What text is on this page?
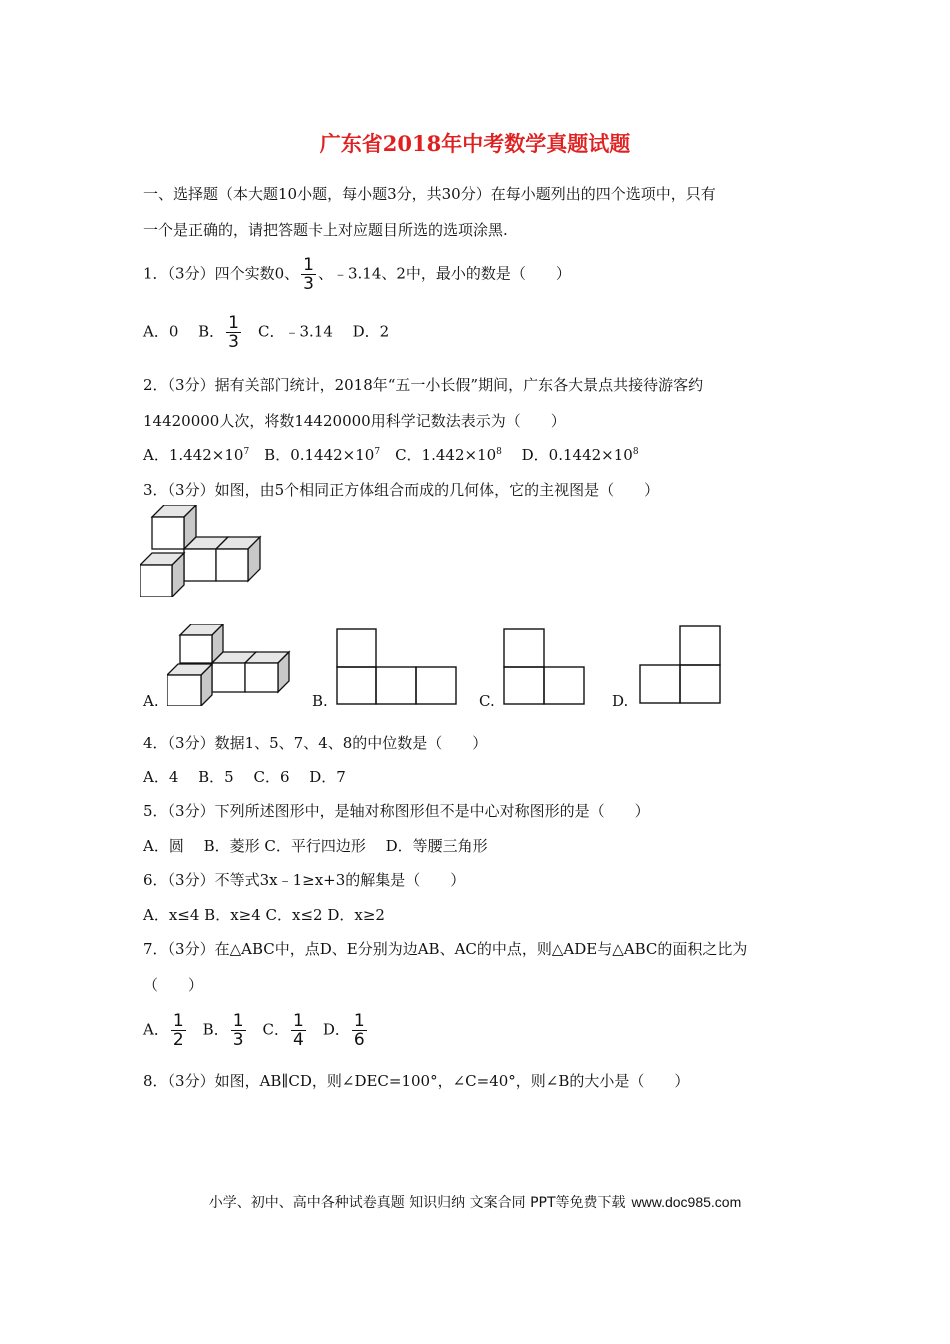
广东省2018年中考数学真题试题
一、选择题（本大题10小题，每小题3分，共30分）在每小题列出的四个选项中，只有
一个是正确的，请把答题卡上对应题目所选的选项涂黑.
1．（3分）四个实数0、 $\frac{1}{3}$ 、﹣3.14、2中，最小的数是（　　）
A．0　 B． $\frac{1}{3}$ 　C．﹣3.14　 D．2
2．（3分）据有关部门统计，2018年“五一小长假”期间，广东各大景点共接待游客约
14420000人次，将数14420000用科学记数法表示为（　　）
A．$1.442\times 10^7$　B．$0.1442\times 10^7$　C．$1.442\times 10^8$　 D．$0.1442\times 10^8$
3．（3分）如图，由5个相同正方体组合而成的几何体，它的主视图是（　　）
A.	B.	C.	D.
4．（3分）数据1、5、7、4、8的中位数是（　　）
A．4　 B．5　 C．6　 D．7
5．（3分）下列所述图形中，是轴对称图形但不是中心对称图形的是（　　）
A．圆　 B．菱形 C．平行四边形　 D．等腰三角形
6．（3分）不等式3x﹣1≥x+3的解集是（　　）
A．x≤4 B．x≥4 C．x≤2 D．x≥2
7．（3分）在△ABC中，点D、E分别为边AB、AC的中点，则△ADE与△ABC的面积之比为
（　　）
A． $\frac{1}{2}$ 　B． $\frac{1}{3}$ 　C． $\frac{1}{4}$ 　D． $\frac{1}{6}$
8．（3分）如图，AB∥CD，则∠DEC=100°，∠C=40°，则∠B的大小是（　　）
小学、初中、高中各种试卷真题 知识归纳 文案合同 PPT等免费下载 www.doc985.com
